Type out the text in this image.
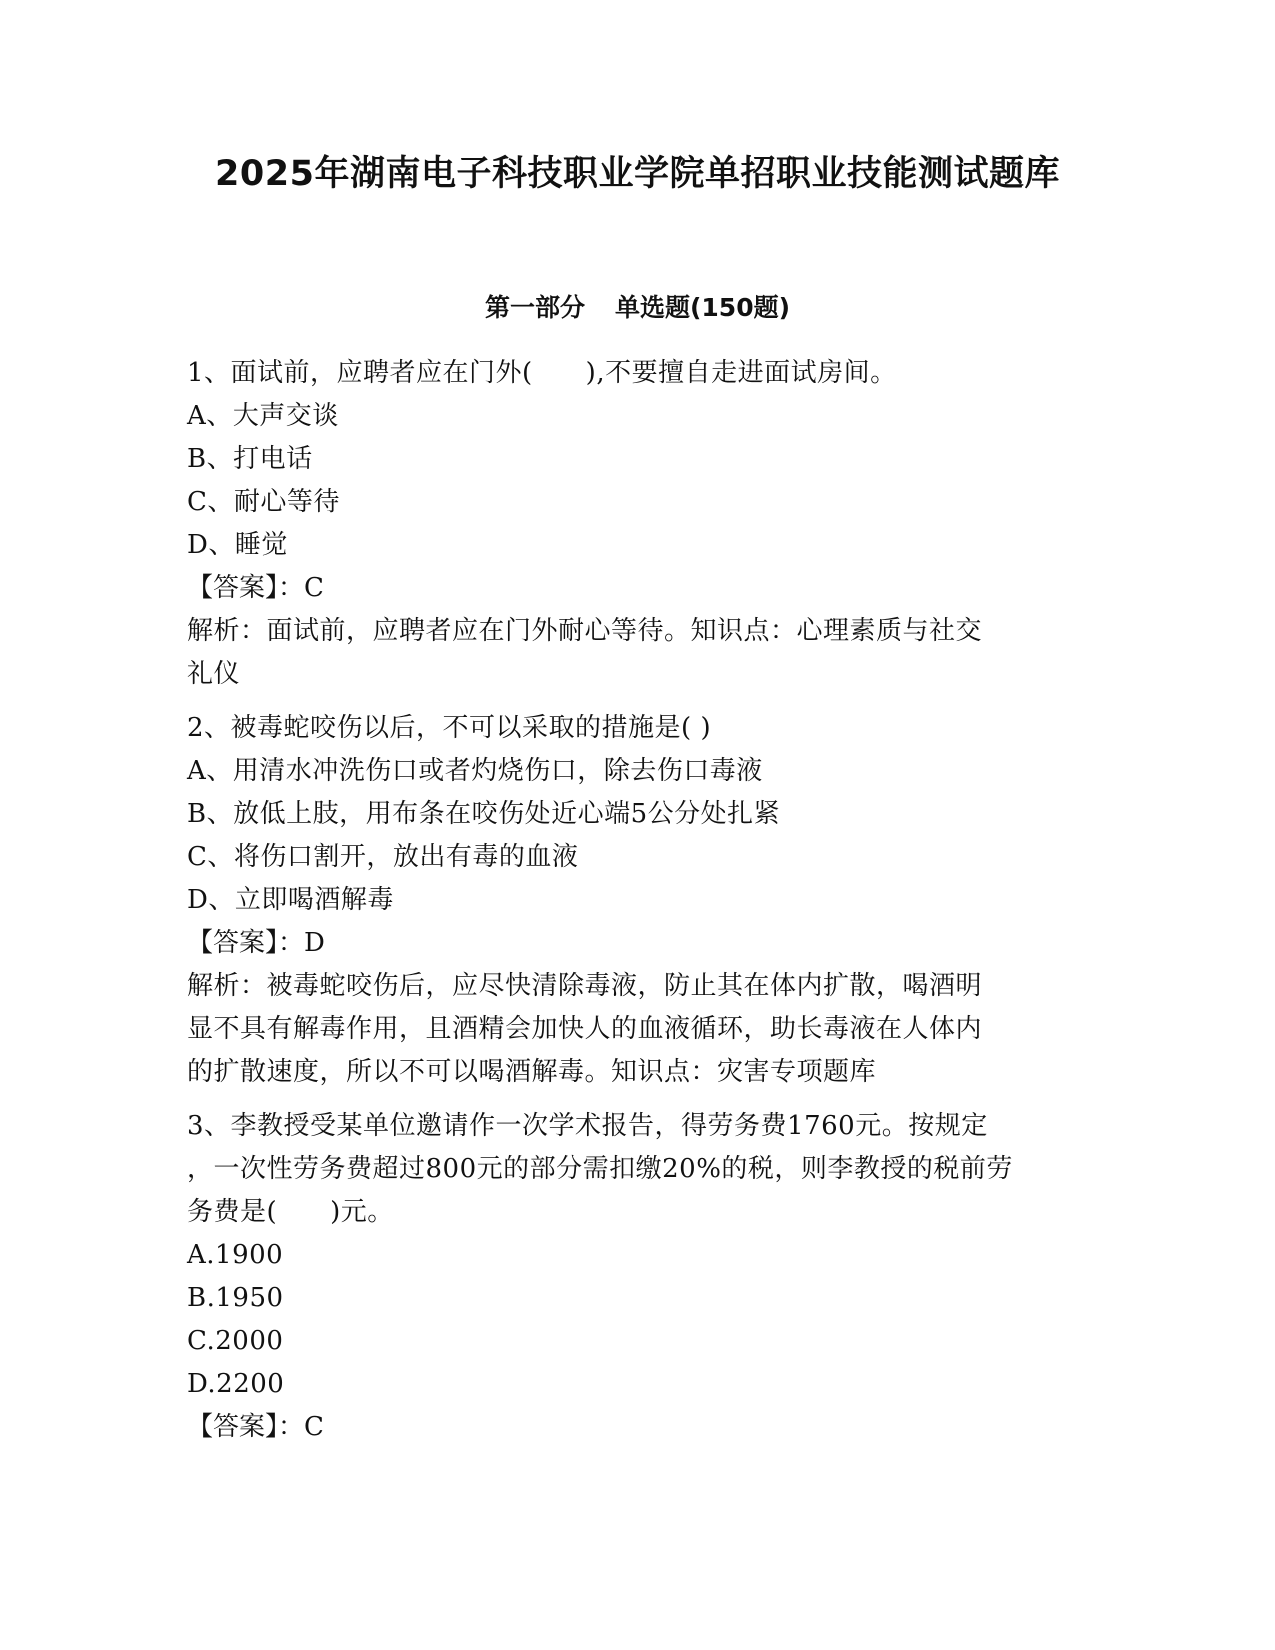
2025年湖南电子科技职业学院单招职业技能测试题库
第一部分 单选题(150题)

1、面试前，应聘者应在门外(　　),不要擅自走进面试房间。

A、大声交谈

B、打电话

C、耐心等待

D、睡觉

【答案】：C

解析：面试前，应聘者应在门外耐心等待。知识点：心理素质与社交

礼仪

2、被毒蛇咬伤以后，不可以采取的措施是( )

A、用清水冲洗伤口或者灼烧伤口，除去伤口毒液

B、放低上肢，用布条在咬伤处近心端5公分处扎紧

C、将伤口割开，放出有毒的血液

D、立即喝酒解毒

【答案】：D

解析：被毒蛇咬伤后，应尽快清除毒液，防止其在体内扩散，喝酒明

显不具有解毒作用，且酒精会加快人的血液循环，助长毒液在人体内

的扩散速度，所以不可以喝酒解毒。知识点：灾害专项题库

3、李教授受某单位邀请作一次学术报告，得劳务费1760元。按规定

，一次性劳务费超过800元的部分需扣缴20%的税，则李教授的税前劳

务费是(　　)元。

A.1900

B.1950

C.2000

D.2200

【答案】：C
